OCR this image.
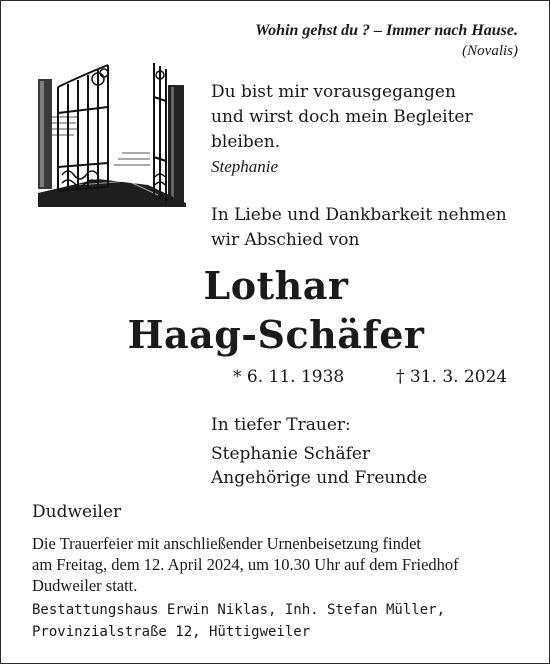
Wohin gehst du ? – Immer nach Hause.
(Novalis)
Du bist mir vorausgegangen
und wirst doch mein Begleiter
bleiben.
Stephanie
In Liebe und Dankbarkeit nehmen
wir Abschied von
Lothar
Haag-Schäfer
* 6. 11. 1938	† 31. 3. 2024
In tiefer Trauer:
Stephanie Schäfer
Angehörige und Freunde
Dudweiler
Die Trauerfeier mit anschließender Urnenbeisetzung findet
am Freitag, dem 12. April 2024, um 10.30 Uhr auf dem Friedhof
Dudweiler statt.
Bestattungshaus Erwin Niklas, Inh. Stefan Müller,
Provinzialstraße 12, Hüttigweiler
